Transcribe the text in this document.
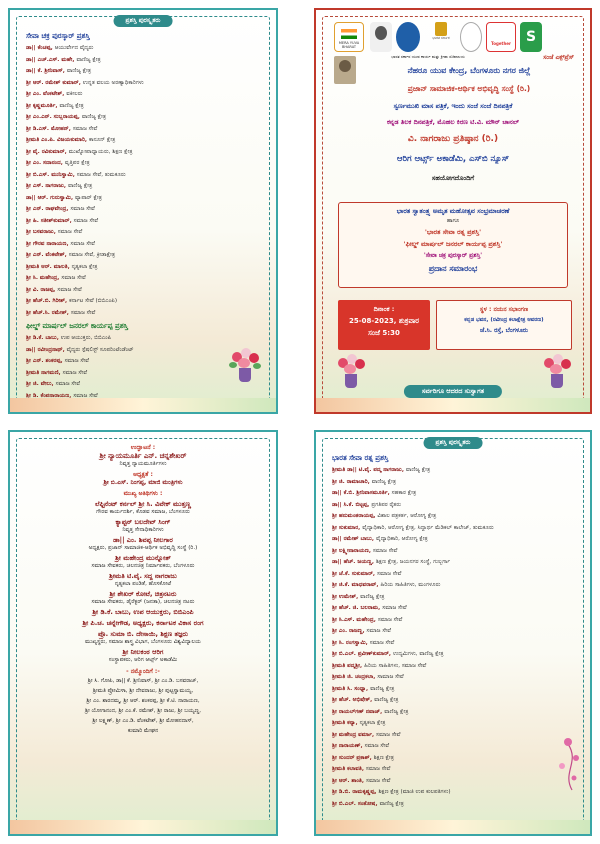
ಪ್ರಶಸ್ತಿ ಪುರಸ್ಕೃತರು
ಸೇವಾ ಚಕ್ರ ಪುರಸ್ಕಾರ್ ಪ್ರಶಸ್ತಿ
ಡಾ|| ಕೆಂಚಪ್ಪ, ಆಯುರ್ವೇದ ವೈದ್ಯರು
ಡಾ|| ಎಚ್.ಎಸ್. ಮಹೇ, ವಾಣಿಜ್ಯ ಕ್ಷೇತ್ರ
ಡಾ|| ಕೆ. ಶ್ರೀನಿವಾಸ್, ವಾಣಿಜ್ಯ ಕ್ಷೇತ್ರ
ಶ್ರೀ ಆರ್. ರಮೇಶ್ ಕುಮಾರ್, ಉನ್ನತ ವಲಯ ಅರಣ್ಯಾಧಿಕಾರಿಗಳು
ಶ್ರೀ ಎಂ. ವೆಂಕಟೇಶ್, ವಕೀಲರು
ಶ್ರೀ ಕೃಷ್ಣಮೂರ್ತಿ, ವಾಣಿಜ್ಯ ಕ್ಷೇತ್ರ
ಶ್ರೀ ಎಂ.ಎನ್. ಸುಬ್ಬರಾಯಪ್ಪ, ವಾಣಿಜ್ಯ ಕ್ಷೇತ್ರ
ಶ್ರೀ ಡಿ.ಎಸ್. ಮೋಹನ್, ಸಮಾಜ ಸೇವೆ
ಶ್ರೀಮತಿ ಎಂ.ಪಿ. ವಿಜಯಕುಮಾರಿ, ಕಾನೂನ್ ಕ್ಷೇತ್ರ
ಶ್ರೀ ವೈ. ರವಿಕುಮಾರ್, ಮುಖ್ಯೋಪಾಧ್ಯಾಯರು, ಶಿಕ್ಷಣ ಕ್ಷೇತ್ರ
ಶ್ರೀ ಎಂ. ಸದಾನಂದ, ವೃತ್ತಿಪರ ಕ್ಷೇತ್ರ
ಶ್ರೀ ಬಿ.ಎಸ್. ಮುನಿಸ್ವಾಮಿ, ಸಮಾಜ ಸೇವೆ, ತುಮಕೂರು
ಶ್ರೀ ಎಸ್. ನಾಗರಾಜು, ವಾಣಿಜ್ಯ ಕ್ಷೇತ್ರ
ಡಾ|| ಆರ್. ಗುರುಸ್ವಾಮಿ, ವ್ಯಾಪಾರ್ ಕ್ಷೇತ್ರ
ಶ್ರೀ ಎನ್. ರಾಘವೇಂದ್ರ, ಸಮಾಜ ಸೇವೆ
ಶ್ರೀ ಹಿ. ಸತೀಶ್‌ಕುಮಾರ್, ಸಮಾಜ ಸೇವೆ
ಶ್ರೀ ಬಸವರಾಜು, ಸಮಾಜ ಸೇವೆ
ಶ್ರೀ ಗೌರವ ನಾರಾಯಣ, ಸಮಾಜ ಸೇವೆ
ಶ್ರೀ ಎನ್. ವೆಂಕಟೇಶ್, ಸಮಾಜ ಸೇವೆ, ಕ್ರೀಡಾಕ್ಷೇತ್ರ
ಶ್ರೀಮತಿ ಆರ್. ಮಾಲತಿ, ನೃತ್ಯಕಲಾ ಕ್ಷೇತ್ರ
ಶ್ರೀ ಸಿ. ಮಹೇಂದ್ರ, ಸಮಾಜ ಸೇವೆ
ಶ್ರೀ ವಿ. ರಾಜಪ್ಪ, ಸಮಾಜ ಸೇವೆ
ಶ್ರೀ ಹೆಚ್.ಬಿ. ಗಿರೀಶ್, ಕರ್ನಾಟ ಸೇವೆ (ಬಿಬಿಎಂಪಿ)
ಶ್ರೀ ಹೆಚ್.ಸಿ. ರಮೇಶ್, ಸಮಾಜ ಸೇವೆ
ಫೀಲ್ಡ್ ಮಾರ್ಷಲ್ ಜನರಲ್ ಕಾರ್ಯಪ್ಪ ಪ್ರಶಸ್ತಿ
ಶ್ರೀ ಡಿ.ಕೆ. ಬಾಬು, ಉಪ ಆಯುಕ್ತರು, ಬಿಬಿಎಂಪಿ
ಡಾ|| ರವೀಂದ್ರನಾಥ್, ವೈದ್ಯರು ಸ್ಪೆಷಲಿಸ್ಟ್ ಸೂಪರಿಂಟೆಂಡೆಂಟ್
ಶ್ರೀ ಎನ್. ಶಂಕರಪ್ಪ, ಸಮಾಜ ಸೇವೆ
ಶ್ರೀಮತಿ ನಾಗಮಣಿ, ಸಮಾಜ ಸೇವೆ
ಶ್ರೀ ಜಿ. ವೇಲು, ಸಮಾಜ ಸೇವೆ
ಶ್ರೀ ಡಿ. ಕೆಂಪನಾರಾಯಣ, ಸಮಾಜ ಸೇವೆ
MERA YUVA BHARAT
ಭಾರತ ಸರ್ಕಾರ
Together	S
ಭಾರತ ಸರ್ಕಾರ ಯುವ ಕಾರ್ಯ ಮತ್ತು ಕ್ರೀಡಾ ಸಚಿವಾಲಯ	ಸಂಜೆ ಎಕ್ಸ್‌ಪ್ರೆಸ್
ನೆಹರೂ ಯುವ ಕೇಂದ್ರ, ಬೆಂಗಳೂರು ನಗರ ಜಿಲ್ಲೆ
ಪ್ರಜಾನ್ ಸಾಮಾಜಿಕ-ಆರ್ಥಿಕ ಅಭಿವೃದ್ಧಿ ಸಂಸ್ಥೆ (ರಿ.)
ಸ್ವರ್ಣಮುಖಿ ಮಾಸ ಪತ್ರಿಕೆ, ಇಂದು ಸಂಜೆ ಸಂಜೆ ದಿನಪತ್ರಿಕೆ
ಕನ್ನಡ ತಿಲಕ ದಿನಪತ್ರಿಕೆ, ಮೊಹಲ ಕಿರಣ ಟಿ.ವಿ. ಮೌನ್ ಚಾನಲ್
ವಿ. ನಾಗರಾಜು ಪ್ರತಿಷ್ಠಾನ (ರಿ.)
ಆರಿಗ ಆರ್ಟ್ಸ್ ಅಕಾಡೆಮಿ, ಎಸ್‌ಬಿ ನ್ಯೂಸ್
ಸಹಯೋಗದೊಂದಿಗೆ
ಭಾರತ ಸ್ವಾತಂತ್ರ್ಯ ಅಮೃತ ಮಹೋತ್ಸವ ಸಂಭ್ರಮಾಚರಣೆ
ಹಾಗೂ
'ಭಾರತ ಸೇವಾ ರತ್ನ ಪ್ರಶಸ್ತಿ'
'ಫೀಲ್ಡ್ ಮಾರ್ಷಲ್ ಜನರಲ್ ಕಾರ್ಯಪ್ಪ ಪ್ರಶಸ್ತಿ'
'ಸೇವಾ ಚಕ್ರ ಪುರಸ್ಕಾರ್ ಪ್ರಶಸ್ತಿ'
ಪ್ರದಾನ ಸಮಾರಂಭ
ದಿನಾಂಕ :
25-08-2023, ಶುಕ್ರವಾರ
ಸಂಜೆ 5:30
ಸ್ಥಳ : ನಯನ ಸಭಾಂಗಣ
ಕನ್ನಡ ಭವನ, (ರವೀಂದ್ರ ಕಲಾಕ್ಷೇತ್ರ ಆವರಣ)
ಜೆ.ಸಿ. ರಸ್ತೆ, ಬೆಂಗಳೂರು
ಸರ್ವರಿಗೂ ಆದರದ ಸುಸ್ವಾಗತ
ಉದ್ಘಾಟನೆ :
ಶ್ರೀ ನ್ಯಾಯಮೂರ್ತಿ ಎನ್. ಚನ್ನಶೇಖರ್
ನಿವೃತ್ತ ನ್ಯಾಯಮೂರ್ತಿಗಳು
ಅಧ್ಯಕ್ಷತೆ :
ಶ್ರೀ ಬಿ.ಎಸ್. ನಿಂಗಪ್ಪ, ಮಾಜಿ ಮಂತ್ರಿಗಳು
ಮುಖ್ಯ ಅತಿಥಿಗಳು :
ಲೆಫ್ಟಿನೆಂಟ್ ಕರ್ನಲ್ ಶ್ರೀ ಸಿ. ವಿವೇಕ್ ಮುತ್ತಣ್ಣ
ಗೌರವ ಕಾರ್ಯದರ್ಶಿ, ಕೊಡವ ಸಮಾಜ, ಬೆಂಗಳೂರು
ಕ್ಯಾಪ್ಟನ್ ಬಲದೇವ್ ಸಿಂಗ್
ನಿವೃತ್ತ ಸೇನಾಧಿಕಾರಿಗಳು
ಡಾ|| ಎಂ. ಶಿವಪ್ಪ ನೀಲಗಾರ
ಅಧ್ಯಕ್ಷರು, ಪ್ರಜಾನ್ ಸಾಮಾಜಿಕ-ಆರ್ಥಿಕ ಅಭಿವೃದ್ಧಿ ಸಂಸ್ಥೆ (ರಿ.)
ಶ್ರೀ ಮಹೇಂದ್ರ ಮುನ್ನೋತ್
ಸಮಾಜ ಸೇವಕರು, ಚಲನಚಿತ್ರ ನಿರ್ಮಾಪಕರು, ಬೆಂಗಳೂರು
ಶ್ರೀಮತಿ ಟಿ.ವೈ. ಸದ್ದ ನಾಗರಾಜು
ನೃತ್ಯಕಲಾ ಪಂಡಿತೆ, ಹೊಸಕೋಟೆ
ಶ್ರೀ ಶೇಖರ್ ಕೋಟೆ, ಚಿತ್ರನಟರು
ಸಮಾಜ ಸೇವಕರು, ಡೈರೆಕ್ಟರ್ (ಜನತಾ), ಚಲನಚಿತ್ರ ನಟರು
ಶ್ರೀ ಡಿ.ಕೆ. ಬಾಬು, ಉಪ ಆಯುಕ್ತರು, ಬಿಬಿಎಂಪಿ
ಶ್ರೀ ಪಿ.ಚ. ಚನ್ನೇಗೌಡ, ಅಧ್ಯಕ್ಷರು, ಕರ್ನಾಟಕ ವಿಕಾಸ ರಂಗ
ಪ್ರೊ. ಸುಮಾ ಬಿ. ದೇಸಾಯಿ, ಶಿಕ್ಷಣ ತಜ್ಞರು
ಮುಖ್ಯಸ್ಥರು, ಸಮಾಜ ಶಾಸ್ತ್ರ ವಿಭಾಗ, ಬೆಂಗಳೂರು ವಿಶ್ವವಿದ್ಯಾಲಯ
ಶ್ರೀ ನೀಲಕಂಠ ಆರಿಗ
ಸಂಸ್ಥಾಪಕರು, ಆರಿಗ ಆರ್ಟ್ಸ್ ಅಕಾಡೆಮಿ
- ನಮ್ಮೊಂದಿಗೆ :-
ಶ್ರೀ ಸಿ. ಗೋಪಿ, ಡಾ|| ಕೆ. ಶ್ರೀನಿವಾಸ್, ಶ್ರೀ ಎಂ.ಡಿ. ಬಸವರಾಜ್,
ಶ್ರೀಮತಿ ಪ್ರೋಮಿಳಾ, ಶ್ರೀ ದೇವರಾಜು, ಶ್ರೀ ಪುಟ್ಟಸ್ವಾಮಯ್ಯ,
ಶ್ರೀ ಎಂ. ಶಾರದಮ್ಮ, ಶ್ರೀ ಆರ್. ಶಂಕರಪ್ಪ, ಶ್ರೀ ಕೆ.ಟಿ. ನಾರಾಯಣ,
ಶ್ರೀ ಯೋಗಾನಂದ, ಶ್ರೀ ಎಂ.ಕೆ. ರಮೇಶ್, ಶ್ರೀ ರಾಜು, ಶ್ರೀ ಬಯ್ಯಣ್ಣ,
ಶ್ರೀ ಲಕ್ಷ್ಮಣ್, ಶ್ರೀ ಎಂ.ಡಿ. ವೆಂಕಟೇಶ್, ಶ್ರೀ ಮೋಹನದಾಸ್,
ಕುಮಾರಿ ಮೇಘನ
ಪ್ರಶಸ್ತಿ ಪುರಸ್ಕೃತರು
ಭಾರತ ಸೇವಾ ರತ್ನ ಪ್ರಶಸ್ತಿ
ಶ್ರೀಮತಿ ಡಾ|| ಟಿ.ವೈ. ಪದ್ಮ ನಾಗರಾಜು, ವಾಣಿಜ್ಯ ಕ್ಷೇತ್ರ
ಶ್ರೀ ಜಿ. ರಾಮಾಚಾರಿ, ವಾಣಿಜ್ಯ ಕ್ಷೇತ್ರ
ಡಾ|| ಕೆ.ಬಿ. ಶ್ರೀನಿವಾಸಮೂರ್ತಿ, ಸಹಕಾರ ಕ್ಷೇತ್ರ
ಡಾ|| ಸಿ.ಕೆ. ಬಿಟ್ಟಪ್ಪ, ಪ್ರಗತಿಪರ ರೈತರು
ಶ್ರೀ ಹನುಮಂತರಾಯಪ್ಪ, ವಿಶಾಲ ಪತ್ರಕರ್ತ, ಆರೋಗ್ಯ ಕ್ಷೇತ್ರ
ಶ್ರೀ ಸುಕುಮಾರ, ವೈದ್ಯಾಧಿಕಾರಿ, ಆರೋಗ್ಯ ಕ್ಷೇತ್ರ, ಸಿದ್ದಾರ್ಥ ಮೆಡಿಕಲ್ ಕಾಲೇಜ್, ತುಮಕೂರು
ಡಾ|| ರಮೇಶ್ ಬಾಬು, ವೈದ್ಯಾಧಿಕಾರಿ, ಆರೋಗ್ಯ ಕ್ಷೇತ್ರ
ಶ್ರೀ ಲಕ್ಷ್ಮೀನಾರಾಯಣ, ಸಮಾಜ ಸೇವೆ
ಡಾ|| ಹೆಚ್. ಜಯಣ್ಣ, ಶಿಕ್ಷಣ ಕ್ಷೇತ್ರ, ಜಯನಗರ ಸಂಸ್ಥೆ, ಗುಲ್ಬರ್ಗಾ
ಶ್ರೀ ಜೆ.ಕೆ. ಸುಕುಮಾರ್, ಸಮಾಜ ಸೇವೆ
ಶ್ರೀ ಜಿ.ಕೆ. ಮಾಧವರಾವ್, ಹಿರಿಯ ಸಾಹಿತಿಗಳು, ಮಂಗಳೂರು
ಶ್ರೀ ಉಮೇಶ್, ವಾಣಿಜ್ಯ ಕ್ಷೇತ್ರ
ಶ್ರೀ ಹೆಚ್. ಜಿ. ಬಲರಾಮ, ಸಮಾಜ ಸೇವೆ
ಶ್ರೀ ಸಿ.ಎಸ್. ಮಹೇಂದ್ರ, ಸಮಾಜ ಸೇವೆ
ಶ್ರೀ ಎಂ. ರಾಜಣ್ಣ, ಸಮಾಜ ಸೇವೆ
ಶ್ರೀ ಸಿ. ರಂಗಸ್ವಾಮಿ, ಸಮಾಜ ಸೇವೆ
ಶ್ರೀ ಬಿ.ಎಲ್. ಪ್ರವೀಣ್‌ಕುಮಾರ್, ಉದ್ಯಮಿಗಳು, ವಾಣಿಜ್ಯ ಕ್ಷೇತ್ರ
ಶ್ರೀಮತಿ ಪದ್ಮಶ್ರೀ, ಹಿರಿಯ ಸಾಹಿತಿಗಳು, ಸಮಾಜ ಸೇವೆ
ಶ್ರೀಮತಿ ಜಿ. ಚಂದ್ರಕಲಾ, ಸಾಮಾಜ ಸೇವೆ
ಶ್ರೀಮತಿ ಸಿ. ಸಂಧ್ಯಾ, ವಾಣಿಜ್ಯ ಕ್ಷೇತ್ರ
ಶ್ರೀ ಹೆಚ್. ಅಭಿಷೇಕ್, ವಾಣಿಜ್ಯ ಕ್ಷೇತ್ರ
ಶ್ರೀ ರಾಯಲ್‌ಗಣ್ ನವಾಜ್, ವಾಣಿಜ್ಯ ಕ್ಷೇತ್ರ
ಶ್ರೀಮತಿ ಕನ್ಯಾ, ನೃತ್ಯಕಲಾ ಕ್ಷೇತ್ರ
ಶ್ರೀ ಮಹೇಂದ್ರ ವರ್ಮಾ, ಸಮಾಜ ಸೇವೆ
ಶ್ರೀ ನಾರಾಯಣ್, ಸಮಾಜ ಸೇವೆ
ಶ್ರೀ ಸುಂದರ್ ಪ್ರಕಾಶ್, ಶಿಕ್ಷಣ ಕ್ಷೇತ್ರ
ಶ್ರೀಮತಿ ಕಲಾವತಿ, ಸಮಾಜ ಸೇವೆ
ಶ್ರೀ ಆರ್. ಶಾಂತಿ, ಸಮಾಜ ಸೇವೆ
ಶ್ರೀ ಡಿ.ಬಿ. ರಾಮಕೃಷ್ಣಪ್ಪ, ಶಿಕ್ಷಣ ಕ್ಷೇತ್ರ (ಮಾಜಿ ಉಪ ಕುಲಪತಿಗಳು)
ಶ್ರೀ ಬಿ.ಎಲ್. ಸಂತೋಷ, ವಾಣಿಜ್ಯ ಕ್ಷೇತ್ರ
